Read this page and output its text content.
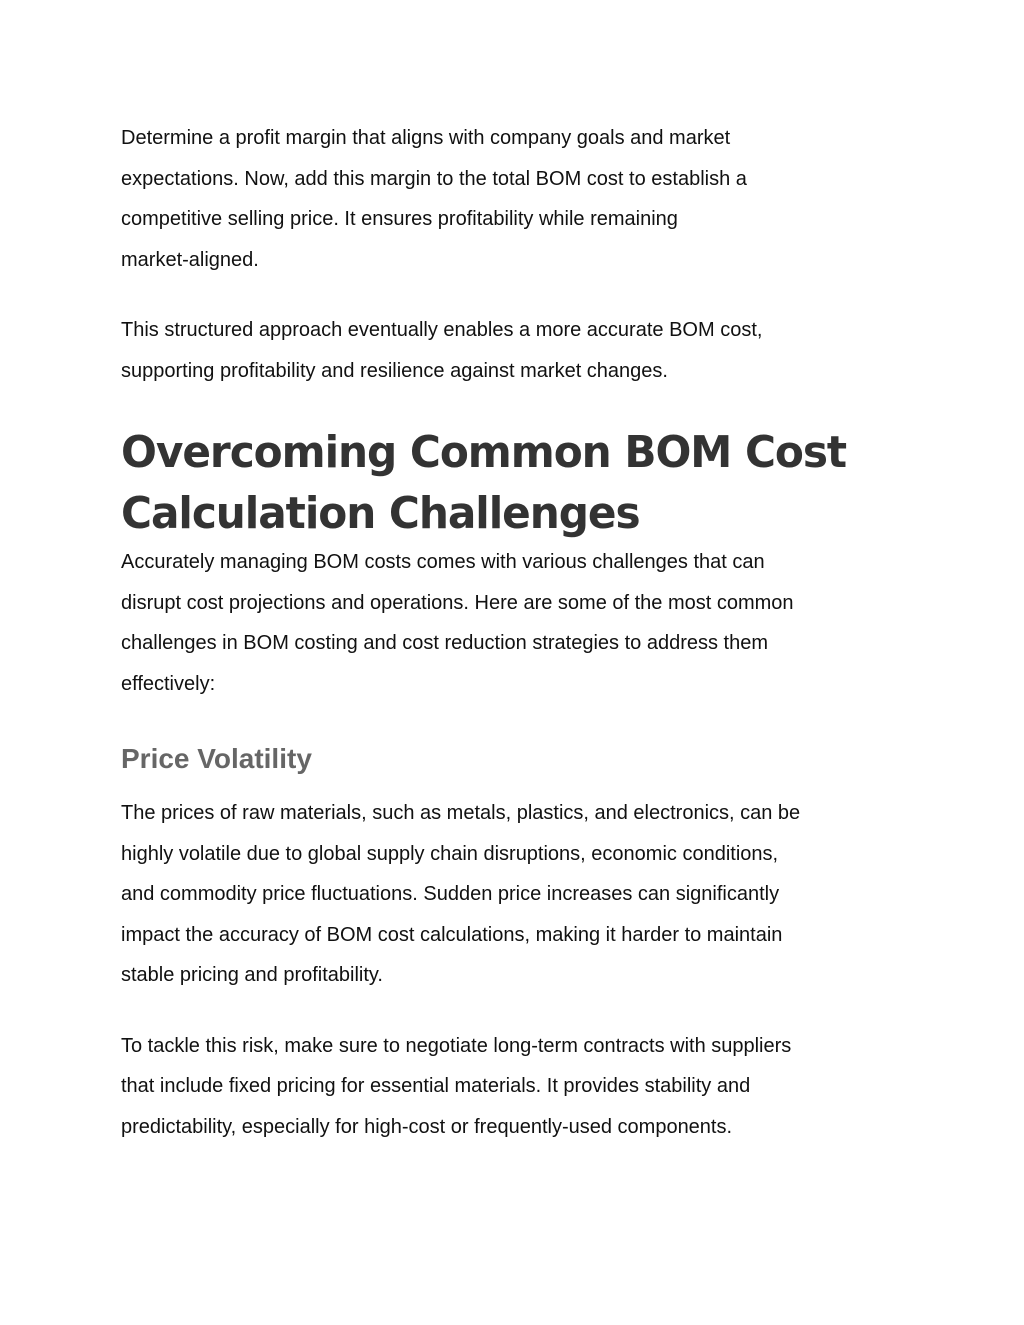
Determine a profit margin that aligns with company goals and market
expectations. Now, add this margin to the total BOM cost to establish a
competitive selling price. It ensures profitability while remaining
market-aligned.

This structured approach eventually enables a more accurate BOM cost,
supporting profitability and resilience against market changes.

Overcoming Common BOM Cost
Calculation Challenges

Accurately managing BOM costs comes with various challenges that can
disrupt cost projections and operations. Here are some of the most common
challenges in BOM costing and cost reduction strategies to address them
effectively:

Price Volatility

The prices of raw materials, such as metals, plastics, and electronics, can be
highly volatile due to global supply chain disruptions, economic conditions,
and commodity price fluctuations. Sudden price increases can significantly
impact the accuracy of BOM cost calculations, making it harder to maintain
stable pricing and profitability.

To tackle this risk, make sure to negotiate long-term contracts with suppliers
that include fixed pricing for essential materials. It provides stability and
predictability, especially for high-cost or frequently-used components.
